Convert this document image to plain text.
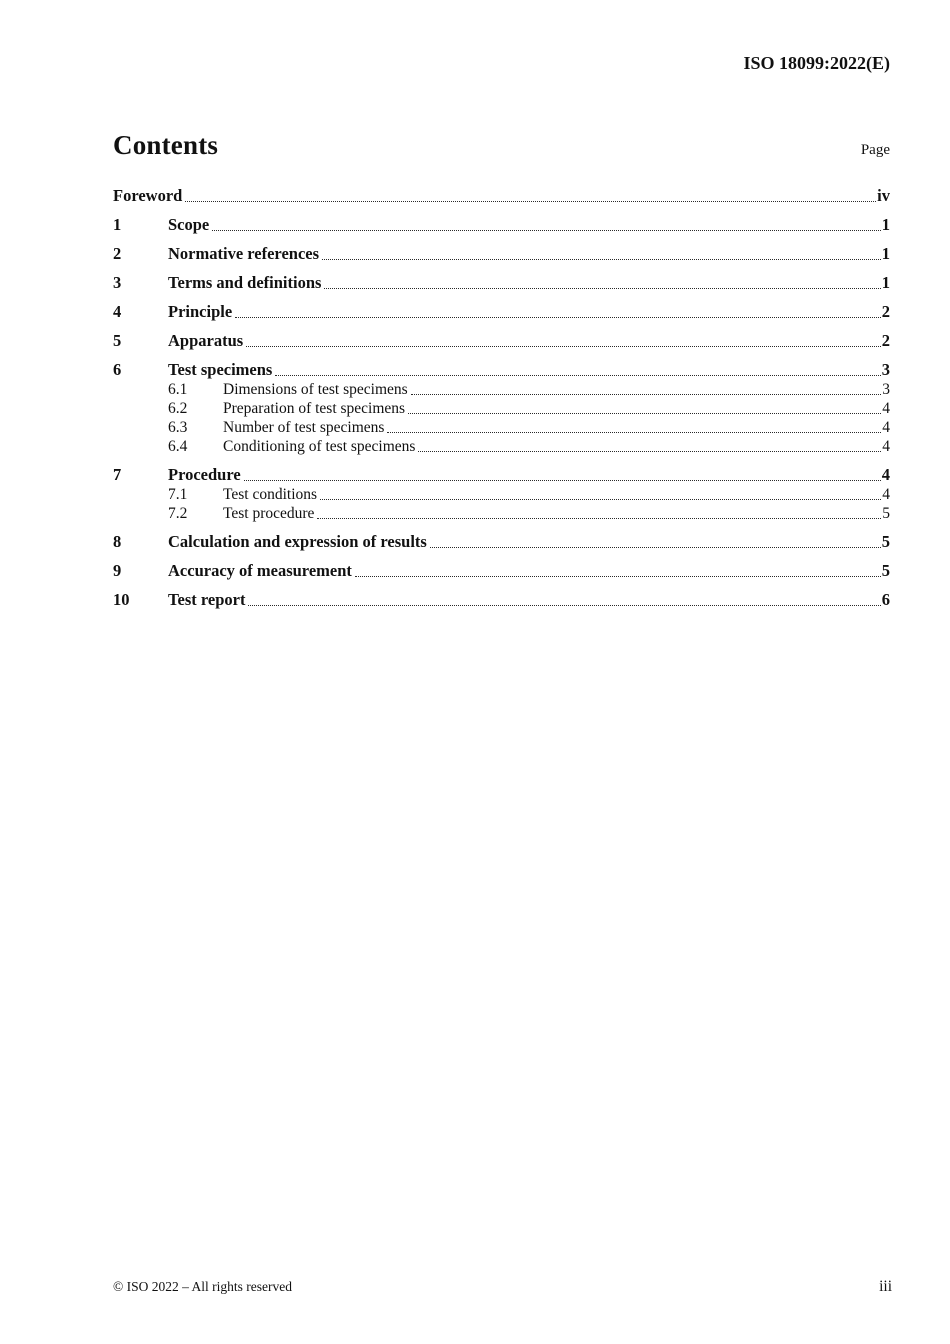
ISO 18099:2022(E)
Contents	Page
Foreword	iv
1	Scope	1
2	Normative references	1
3	Terms and definitions	1
4	Principle	2
5	Apparatus	2
6	Test specimens	3
6.1	Dimensions of test specimens	3
6.2	Preparation of test specimens	4
6.3	Number of test specimens	4
6.4	Conditioning of test specimens	4
7	Procedure	4
7.1	Test conditions	4
7.2	Test procedure	5
8	Calculation and expression of results	5
9	Accuracy of measurement	5
10	Test report	6
© ISO 2022 – All rights reserved	iii
